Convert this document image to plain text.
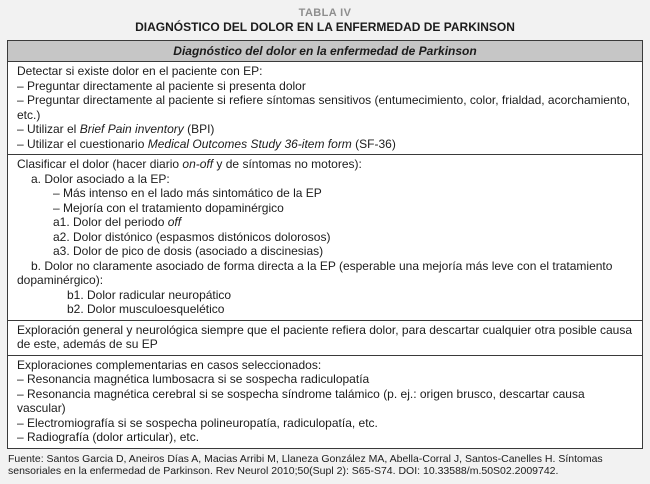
TABLA IV
DIAGNÓSTICO DEL DOLOR EN LA ENFERMEDAD DE PARKINSON
Diagnóstico del dolor en la enfermedad de Parkinson
Detectar si existe dolor en el paciente con EP:
– Preguntar directamente al paciente si presenta dolor
– Preguntar directamente al paciente si refiere síntomas sensitivos (entumecimiento, color, frialdad, acorchamiento, etc.)
– Utilizar el Brief Pain inventory (BPI)
– Utilizar el cuestionario Medical Outcomes Study 36-item form (SF-36)
Clasificar el dolor (hacer diario on-off y de síntomas no motores):
a. Dolor asociado a la EP:
– Más intenso en el lado más sintomático de la EP
– Mejoría con el tratamiento dopaminérgico
a1. Dolor del periodo off
a2. Dolor distónico (espasmos distónicos dolorosos)
a3. Dolor de pico de dosis (asociado a discinesias)
b. Dolor no claramente asociado de forma directa a la EP (esperable una mejoría más leve con el tratamiento dopaminérgico):
b1. Dolor radicular neuropático
b2. Dolor musculoesquelético
Exploración general y neurológica siempre que el paciente refiera dolor, para descartar cualquier otra posible causa de este, además de su EP
Exploraciones complementarias en casos seleccionados:
– Resonancia magnética lumbosacra si se sospecha radiculopatía
– Resonancia magnética cerebral si se sospecha síndrome talámico (p. ej.: origen brusco, descartar causa vascular)
– Electromiografía si se sospecha polineuropatía, radiculopatía, etc.
– Radiografía (dolor articular), etc.
Fuente: Santos Garcia D, Aneiros Días A, Macias Arribi M, Llaneza González MA, Abella-Corral J, Santos-Canelles H. Síntomas sensoriales en la enfermedad de Parkinson. Rev Neurol 2010;50(Supl 2): S65-S74. DOI: 10.33588/m.50S02.2009742.
